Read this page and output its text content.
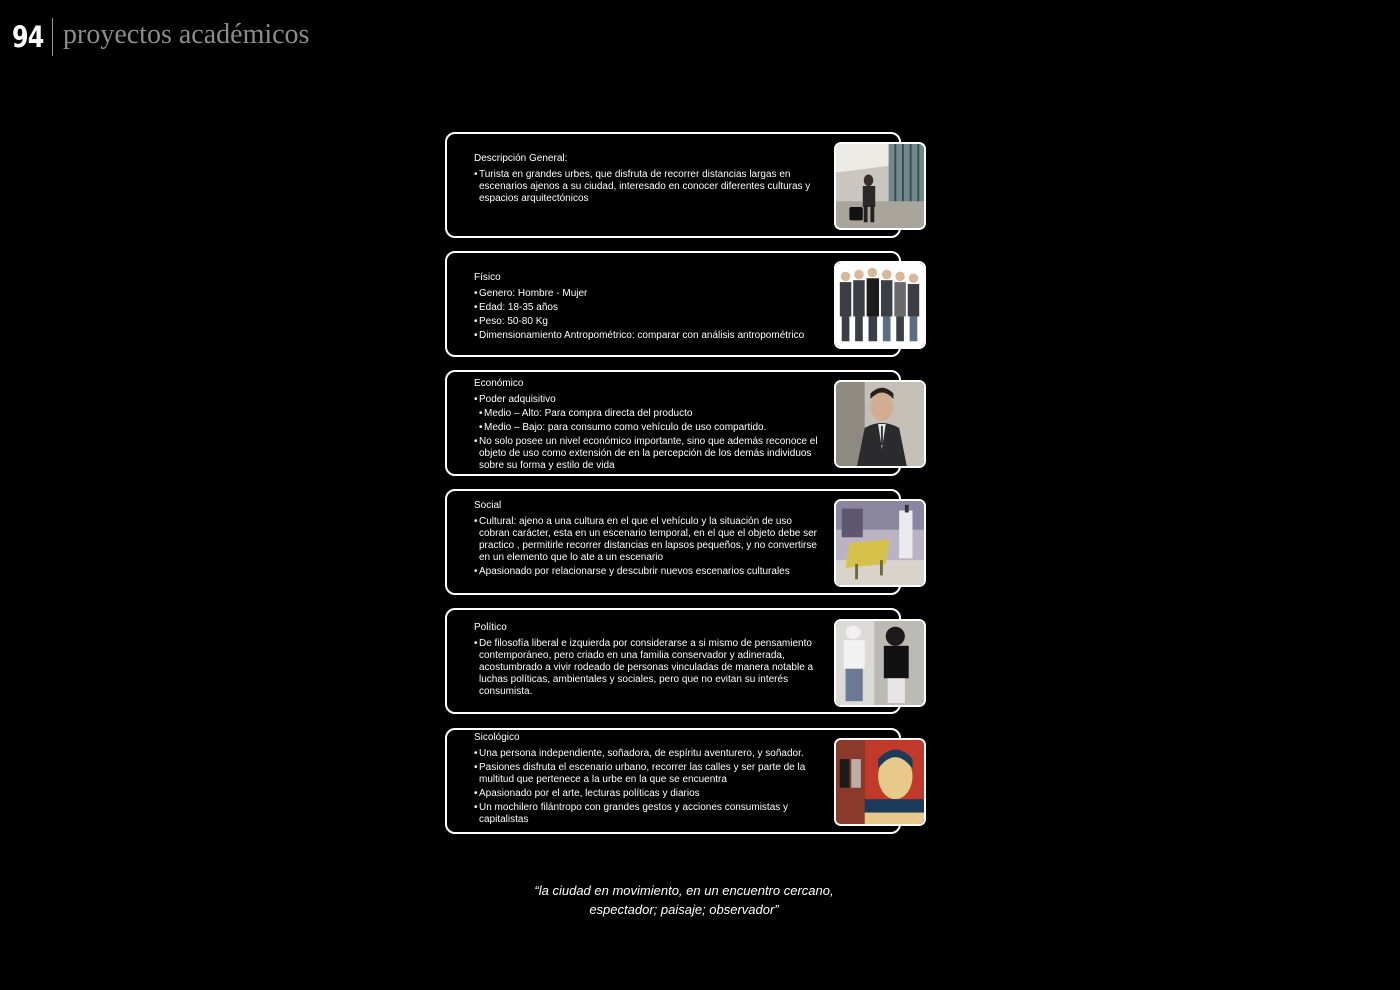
94 proyectos académicos
Descripción General:
• Turista en grandes urbes, que disfruta de recorrer distancias largas en escenarios ajenos a su ciudad, interesado en conocer diferentes culturas y espacios arquitectónicos
Físico
• Genero: Hombre - Mujer
• Edad: 18-35 años
• Peso: 50-80 Kg
• Dimensionamiento Antropométrico: comparar con análisis antropométrico
Económico
• Poder adquisitivo
• Medio – Alto: Para compra directa del producto
• Medio – Bajo: para consumo como vehículo de uso compartido.
• No solo posee un nivel económico importante, sino que además reconoce el objeto de uso como extensión de en la percepción de los demás individuos sobre su forma y estilo de vida
Social
• Cultural: ajeno a una cultura en el que el vehículo y la situación de uso cobran carácter, esta en un escenario temporal, en el que el objeto debe ser practico , permitirle recorrer distancias en lapsos pequeños, y no convertirse en un elemento que lo ate a un escenario
• Apasionado por relacionarse y descubrir nuevos escenarios culturales
Político
• De filosofía liberal e izquierda por considerarse a si mismo de pensamiento contemporáneo, pero criado en una familia conservador y adinerada, acostumbrado a vivir rodeado de personas vinculadas de manera notable a luchas políticas, ambientales y sociales, pero que no evitan su interés consumista.
Sicológico
• Una persona independiente, soñadora, de espíritu aventurero, y soñador.
• Pasiones disfruta el escenario urbano, recorrer las calles y ser parte de la multitud que pertenece a la urbe en la que se encuentra
• Apasionado por el arte, lecturas políticas y diarios
• Un mochilero filántropo con grandes gestos y acciones consumistas y capitalistas
“la ciudad en movimiento, en un encuentro cercano,
espectador; paisaje; observador”
